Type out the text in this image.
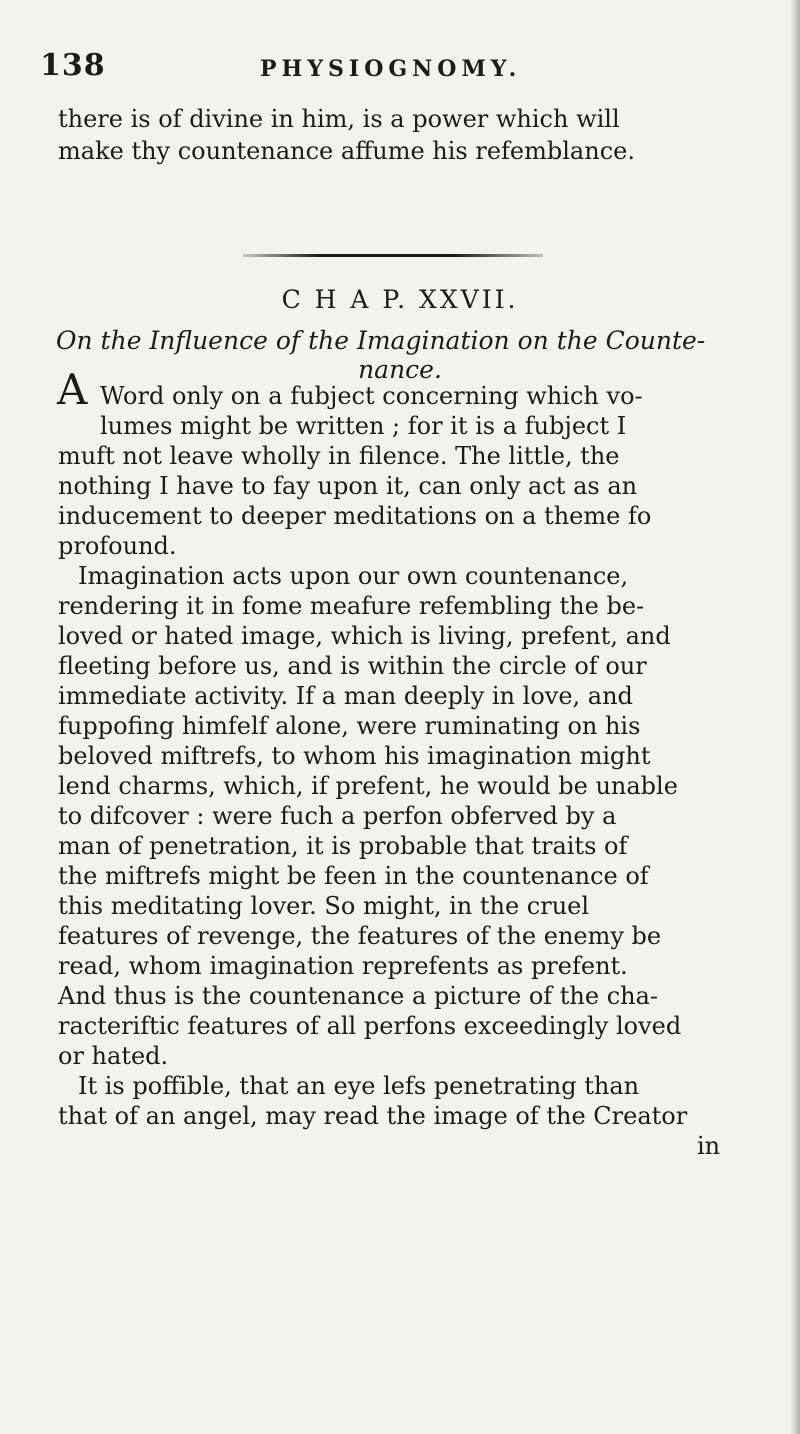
138	PHYSIOGNOMY.
there is of divine in him, is a power which will
make thy countenance affume his refemblance.
C H A P. XXVII.
On the Influence of the Imagination on the Counte-
nance.
A Word only on a fubject concerning which vo-
lumes might be written ; for it is a fubject I
muft not leave wholly in filence. The little, the
nothing I have to fay upon it, can only act as an
inducement to deeper meditations on a theme fo
profound.
Imagination acts upon our own countenance,
rendering it in fome meafure refembling the be-
loved or hated image, which is living, prefent, and
fleeting before us, and is within the circle of our
immediate activity. If a man deeply in love, and
fuppofing himfelf alone, were ruminating on his
beloved miftrefs, to whom his imagination might
lend charms, which, if prefent, he would be unable
to difcover : were fuch a perfon obferved by a
man of penetration, it is probable that traits of
the miftrefs might be feen in the countenance of
this meditating lover. So might, in the cruel
features of revenge, the features of the enemy be
read, whom imagination reprefents as prefent.
And thus is the countenance a picture of the cha-
racteriftic features of all perfons exceedingly loved
or hated.
It is poffible, that an eye lefs penetrating than
that of an angel, may read the image of the Creator
in
